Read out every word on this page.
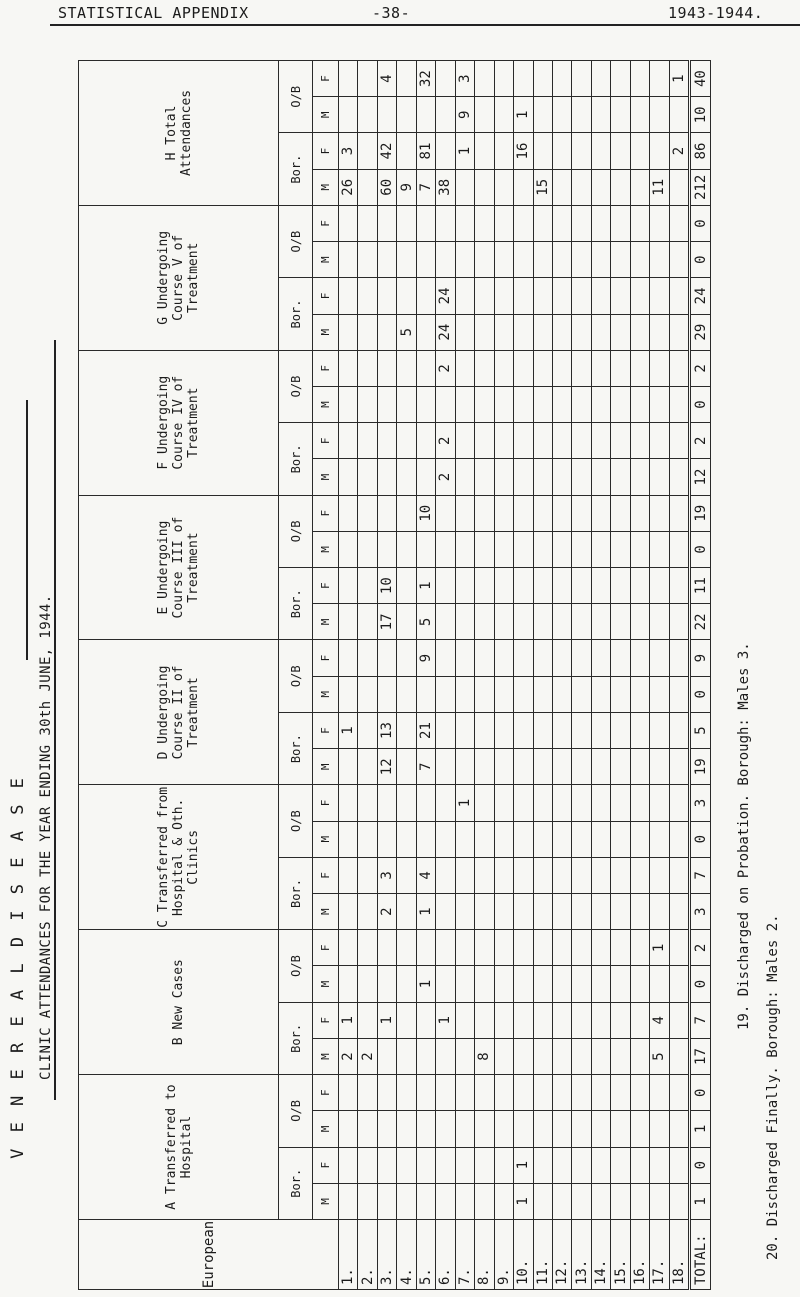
STATISTICAL APPENDIX	-38-	1943-1944.
V E N E R E A L D I S E A S E CLINIC ATTENDANCES FOR THE YEAR ENDING 30th JUNE, 1944.	19. Discharged on Probation. Borough: Males 3.
20. Discharged Finally. Borough: Males 2.
European	A Transferred to Hospital				B New Cases				C Transferred from Hospital & Oth. Clinics				D Undergoing Course II of Treatment				E Undergoing Course III of Treatment				F Undergoing Course IV of Treatment				G Undergoing Course V of Treatment				H Total Attendances			
	Bor.		O/B		Bor.		O/B		Bor.		O/B		Bor.		O/B		Bor.		O/B		Bor.		O/B		Bor.		O/B		Bor.		O/B	
	M	F	M	F	M	F	M	F	M	F	M	F	M	F	M	F	M	F	M	F	M	F	M	F	M	F	M	F	M	F	M	F
1.					2	1								1															26	3		
2.					2																											
3.						1			2	3			12	13			17	10											60	42		4
4.																									5				9			
5.							1		1	4			7	21		9	5	1		10									7	81		32
6.						1															2	2		2	24	24			38			
7.												1																		1	9	3
8.					8																											
9.																																
10.	1	1																												16	1	
11.																													15			
12.																																
13.																																
14.																																
15.																																
16.																																
17.					5	4		1																					11			
18.																														2		1
TOTAL:	1	0	1	0	17	7	0	2	3	7	0	3	19	5	0	9	22	11	0	19	12	2	0	2	29	24	0	0	212	86	10	40
